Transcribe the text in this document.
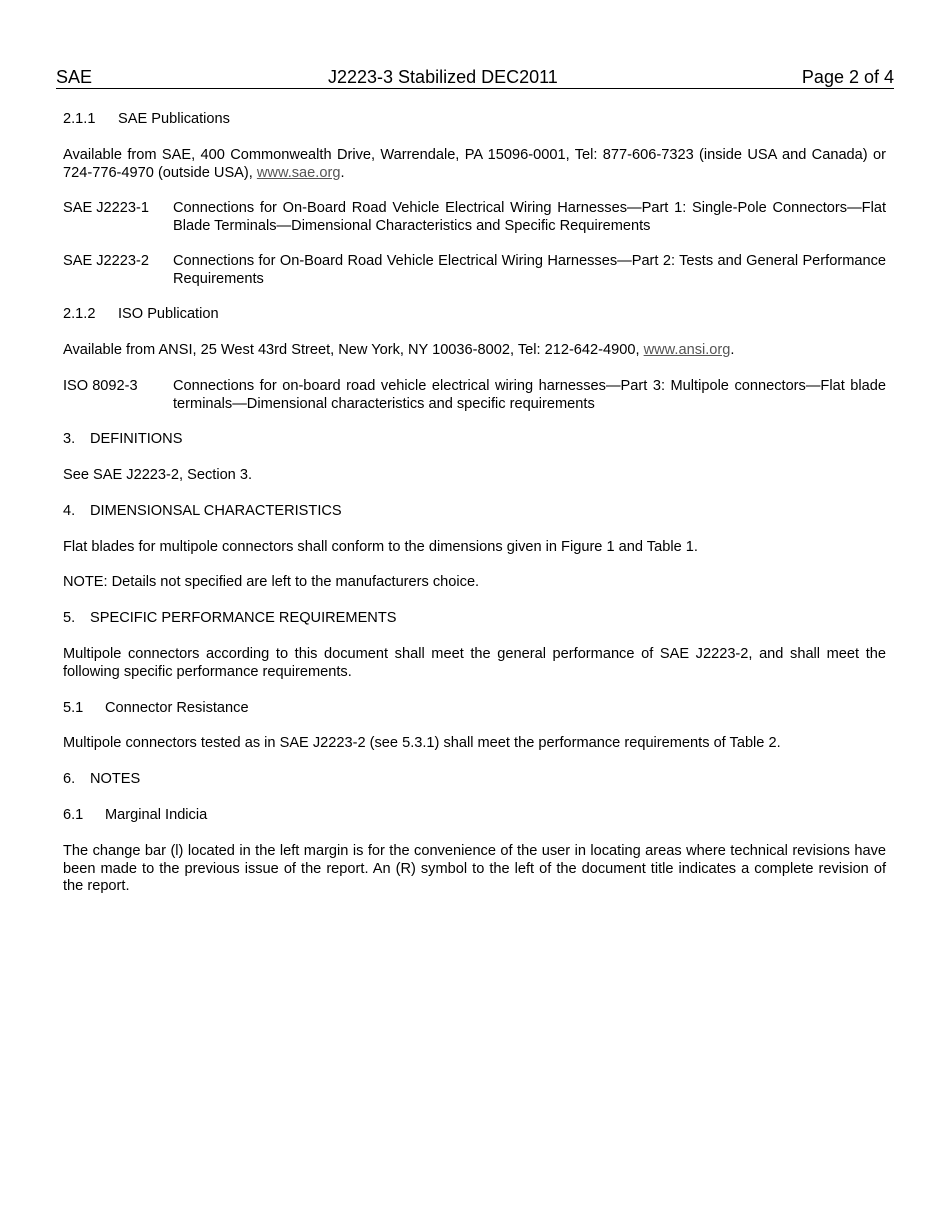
SAE	J2223-3 Stabilized DEC2011	Page 2 of 4
2.1.1 SAE Publications
Available from SAE, 400 Commonwealth Drive, Warrendale, PA 15096-0001, Tel: 877-606-7323 (inside USA and Canada) or 724-776-4970 (outside USA), www.sae.org.
SAE J2223-1 Connections for On-Board Road Vehicle Electrical Wiring Harnesses—Part 1: Single-Pole Connectors—Flat Blade Terminals—Dimensional Characteristics and Specific Requirements
SAE J2223-2 Connections for On-Board Road Vehicle Electrical Wiring Harnesses—Part 2: Tests and General Performance Requirements
2.1.2 ISO Publication
Available from ANSI, 25 West 43rd Street, New York, NY 10036-8002, Tel: 212-642-4900, www.ansi.org.
ISO 8092-3 Connections for on-board road vehicle electrical wiring harnesses—Part 3: Multipole connectors—Flat blade terminals—Dimensional characteristics and specific requirements
3. DEFINITIONS
See SAE J2223-2, Section 3.
4. DIMENSIONSAL CHARACTERISTICS
Flat blades for multipole connectors shall conform to the dimensions given in Figure 1 and Table 1.
NOTE: Details not specified are left to the manufacturers choice.
5. SPECIFIC PERFORMANCE REQUIREMENTS
Multipole connectors according to this document shall meet the general performance of SAE J2223-2, and shall meet the following specific performance requirements.
5.1 Connector Resistance
Multipole connectors tested as in SAE J2223-2 (see 5.3.1) shall meet the performance requirements of Table 2.
6. NOTES
6.1 Marginal Indicia
The change bar (l) located in the left margin is for the convenience of the user in locating areas where technical revisions have been made to the previous issue of the report. An (R) symbol to the left of the document title indicates a complete revision of the report.
